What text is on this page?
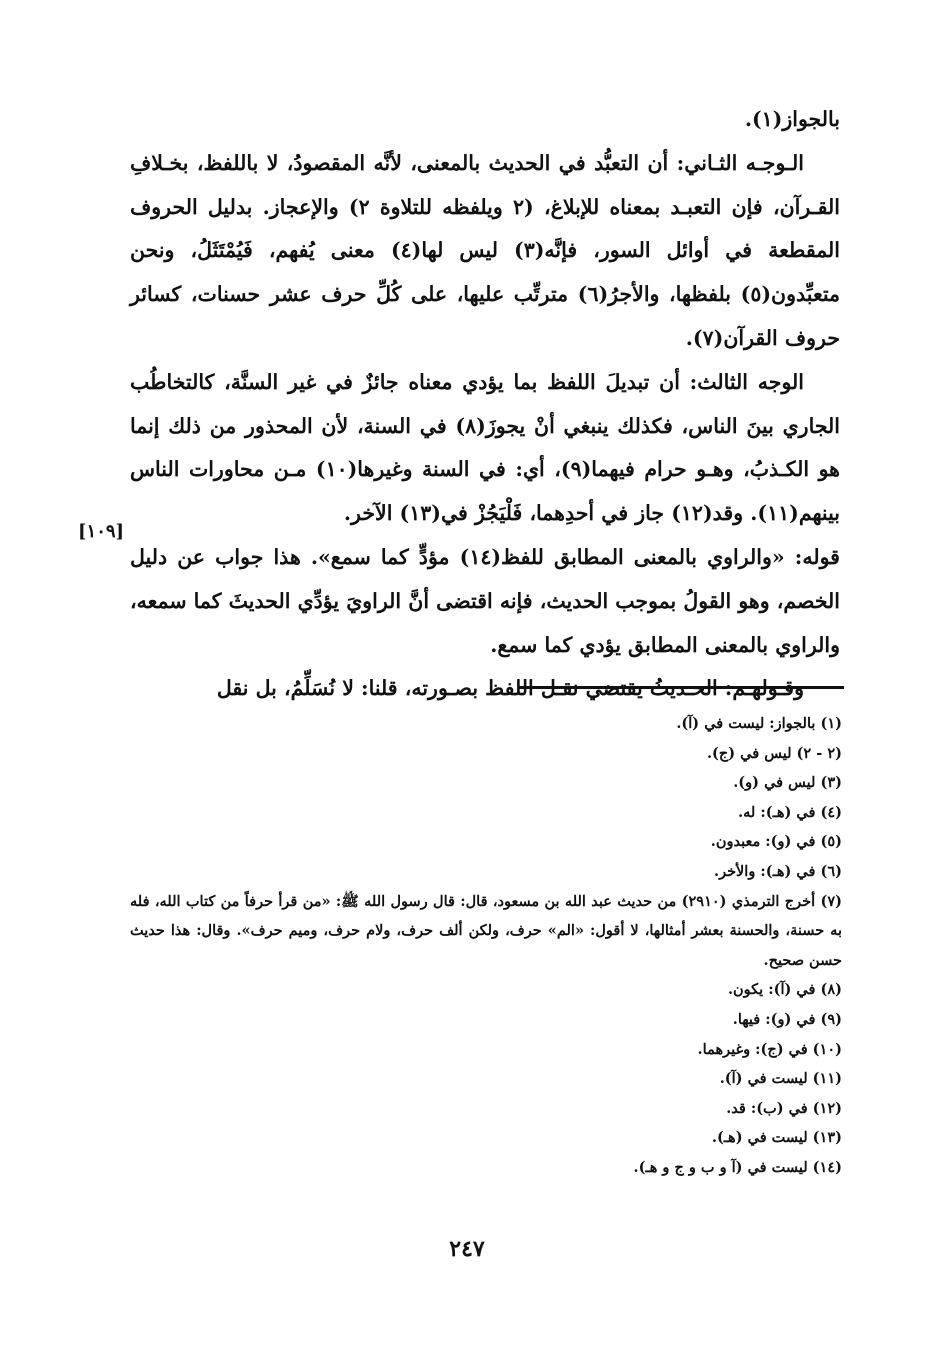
بالجواز(١).

الـوجـه الثـاني: أن التعبُّد في الحديث بالمعنى، لأنَّه المقصودُ، لا باللفظ، بخـلافِ القـرآن، فإن التعبـد بمعناه للإبلاغ، (٢ ويلفظه للتلاوة ٢) والإعجاز. بدليل الحروف المقطعة في أوائل السور، فإنَّه(٣) ليس لها(٤) معنى يُفهم، فَيُمْتَثَلُ، ونحن متعبِّدون(٥) بلفظها، والأجرُ(٦) مترتِّب عليها، على كُلِّ حرف عشر حسنات، كسائر حروف القرآن(٧).

الوجه الثالث: أن تبديلَ اللفظ بما يؤدي معناه جائزٌ في غير السنَّة، كالتخاطُب الجاري بينَ الناس، فكذلك ينبغي أنْ يجوزَ(٨) في السنة، لأن المحذور من ذلك إنما هو الكـذبُ، وهـو حرام فيهما(٩)، أي: في السنة وغيرها(١٠) مـن محاورات الناس بينهم(١١). وقد(١٢) جاز في أحدِهما، فَلْيَجُزْ في(١٣) الآخر.

قوله: «والراوي بالمعنى المطابق للفظ(١٤) مؤدٍّ كما سمع». هذا جواب عن دليل الخصم، وهو القولُ بموجب الحديث، فإنه اقتضى أنَّ الراويَ يؤدِّي الحديثَ كما سمعه، والراوي بالمعنى المطابق يؤدي كما سمع.

وقـولهـم: الحـديثُ يقتضي نقـل اللفظ بصـورته، قلنا: لا نُسَلِّمُ، بل نقل

[١٠٩]

(١) بالجواز: ليست في (آ).

(٢ - ٢) ليس في (ج).

(٣) ليس في (و).

(٤) في (هـ): له.

(٥) في (و): معبدون.

(٦) في (هـ): والأخر.

(٧) أخرج الترمذي (٢٩١٠) من حديث عبد الله بن مسعود، قال: قال رسول الله ﷺ: «من قرأ حرفاً من كتاب الله، فله به حسنة، والحسنة بعشر أمثالها، لا أقول: «الم» حرف، ولكن ألف حرف، ولام حرف، وميم حرف». وقال: هذا حديث حسن صحيح.

(٨) في (آ): يكون.

(٩) في (و): فيها.

(١٠) في (ج): وغيرهما.

(١١) ليست في (آ).

(١٢) في (ب): قد.

(١٣) ليست في (هـ).

(١٤) ليست في (آ و ب و ج و هـ).

٢٤٧
